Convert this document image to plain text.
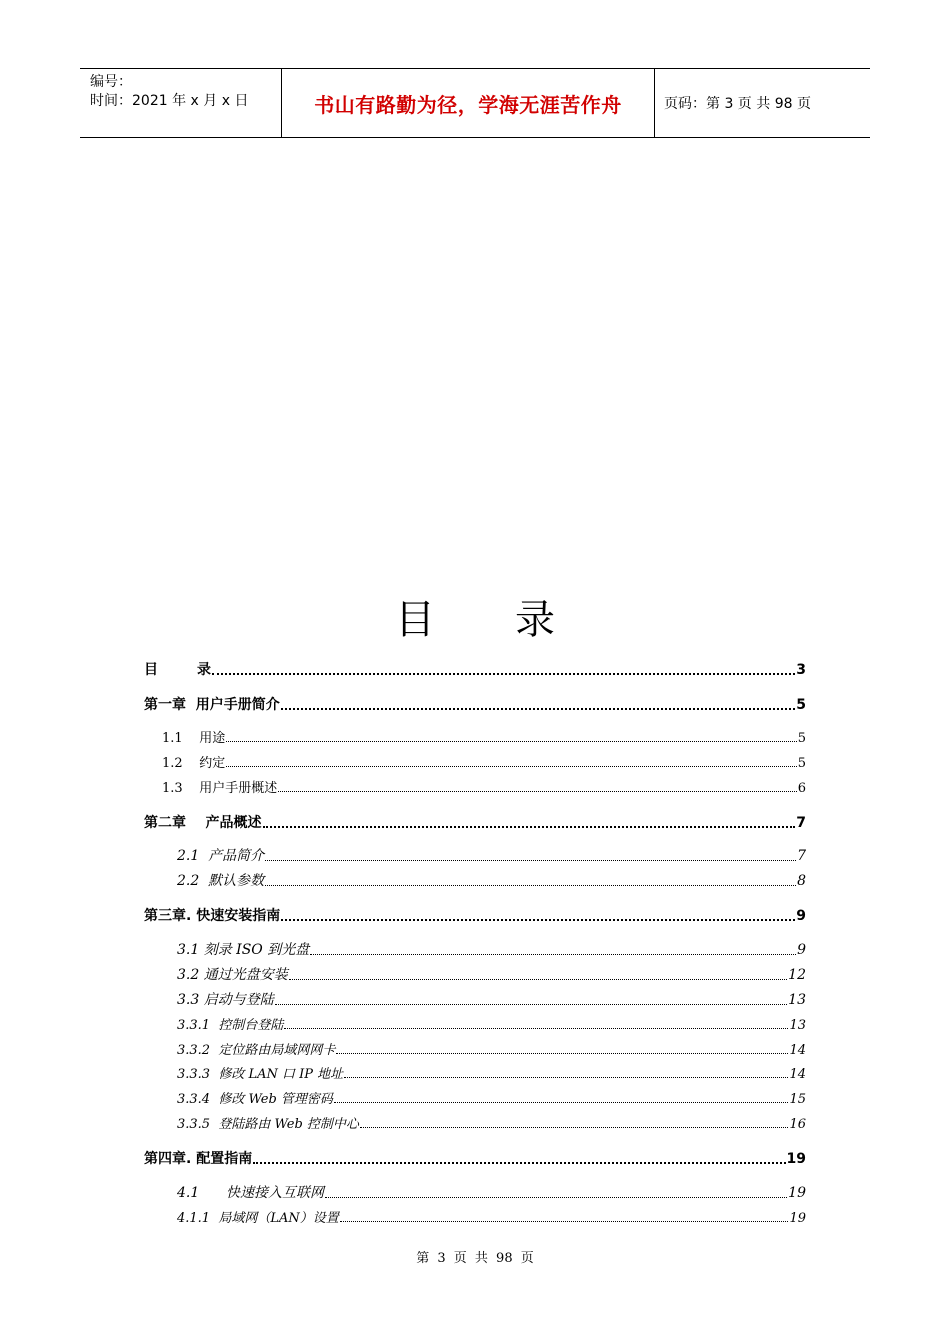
编号：
时间：2021 年 x 月 x 日	书山有路勤为径，学海无涯苦作舟	页码：第 3 页 共 98 页
目录
目        录	3
第一章  用户手册简介	5
1.1    用途	5
1.2    约定	5
1.3    用户手册概述	6
第二章    产品概述	7
2.1  产品简介	7
2.2  默认参数	8
第三章. 快速安装指南	9
3.1 刻录 ISO 到光盘	9
3.2 通过光盘安装	12
3.3 启动与登陆	13
3.3.1  控制台登陆	13
3.3.2  定位路由局域网网卡	14
3.3.3  修改 LAN 口 IP 地址	14
3.3.4  修改 Web 管理密码	15
3.3.5  登陆路由 Web 控制中心	16
第四章. 配置指南	19
4.1      快速接入互联网	19
4.1.1  局域网（LAN）设置	19
第 3 页 共 98 页
